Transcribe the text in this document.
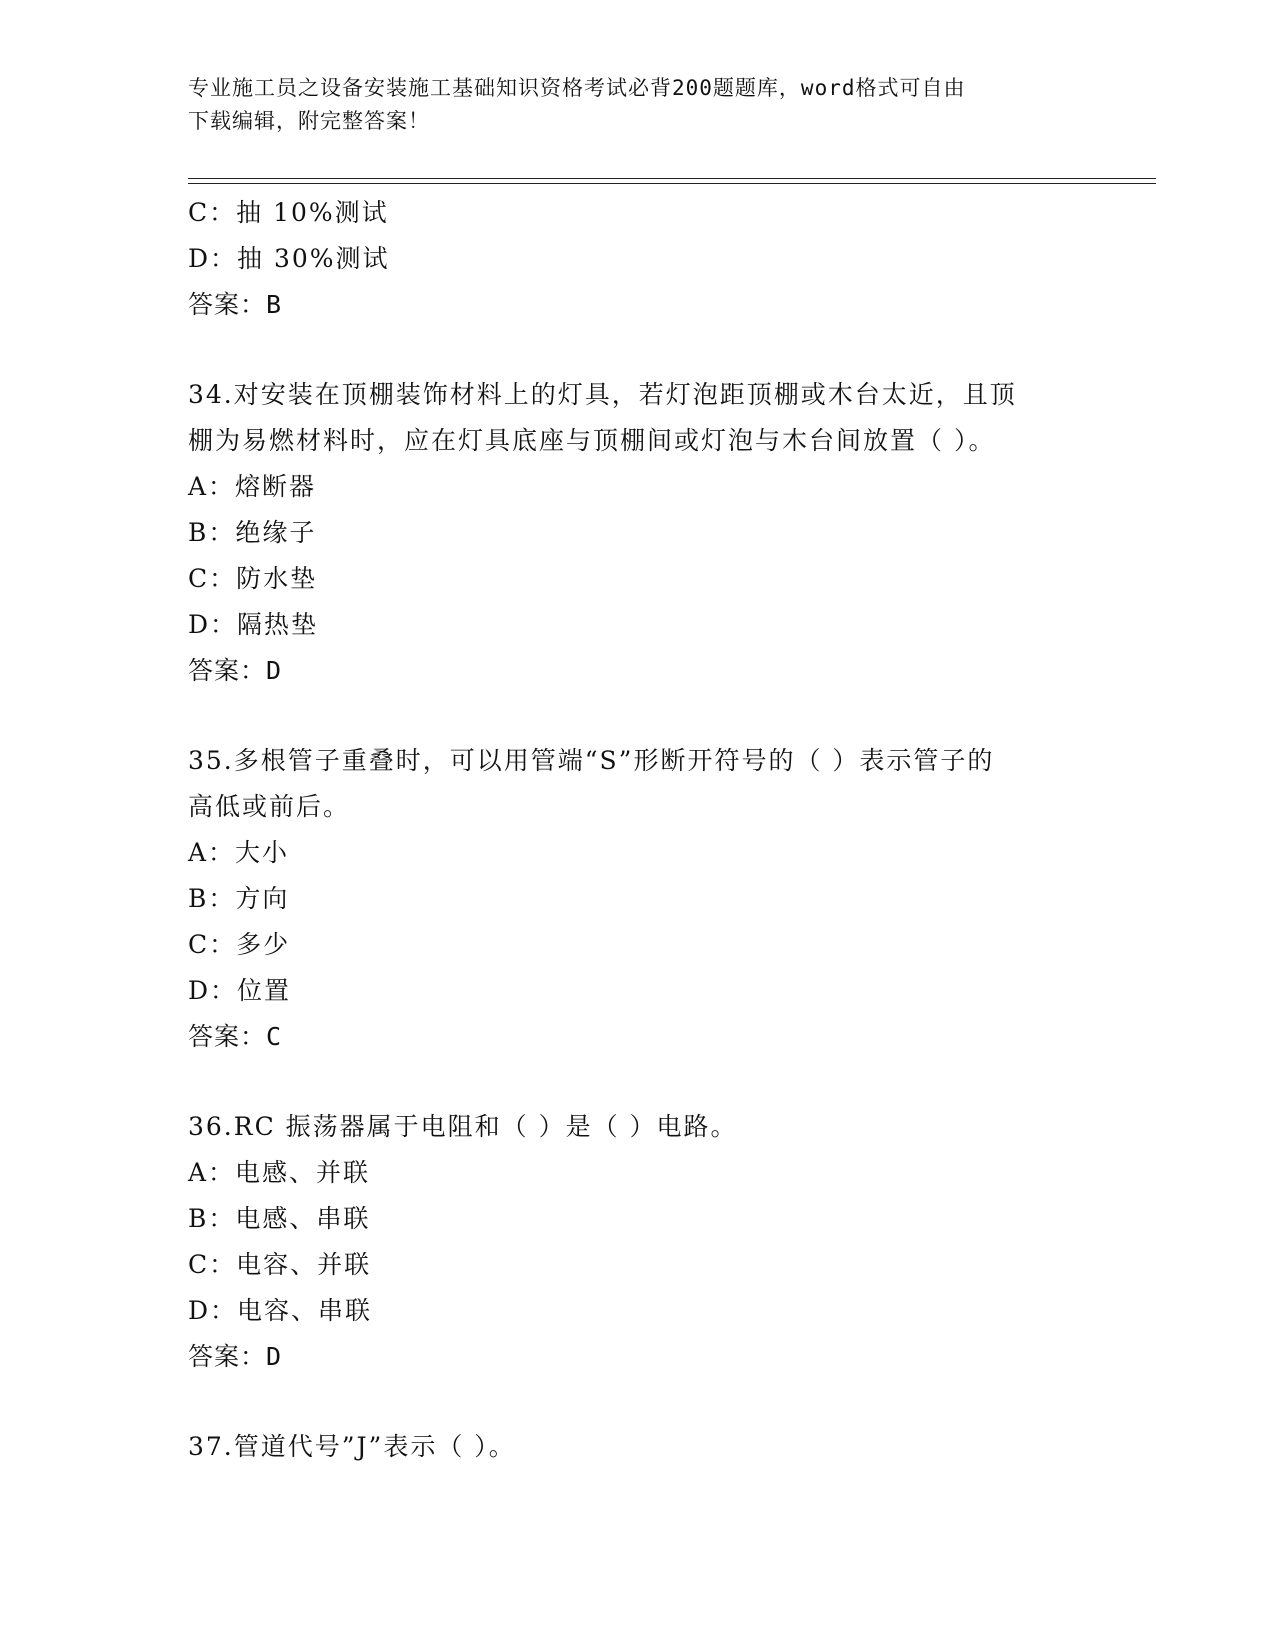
专业施工员之设备安装施工基础知识资格考试必背200题题库，word格式可自由
下载编辑，附完整答案！
C：抽 10%测试
D：抽 30%测试
答案：B
34.对安装在顶棚装饰材料上的灯具，若灯泡距顶棚或木台太近，且顶
棚为易燃材料时，应在灯具底座与顶棚间或灯泡与木台间放置（ ）。
A：熔断器
B：绝缘子
C：防水垫
D：隔热垫
答案：D
35.多根管子重叠时，可以用管端“S”形断开符号的（ ）表示管子的
高低或前后。
A：大小
B：方向
C：多少
D：位置
答案：C
36.RC 振荡器属于电阻和（ ）是（ ）电路。
A：电感、并联
B：电感、串联
C：电容、并联
D：电容、串联
答案：D
37.管道代号”J”表示（ ）。
